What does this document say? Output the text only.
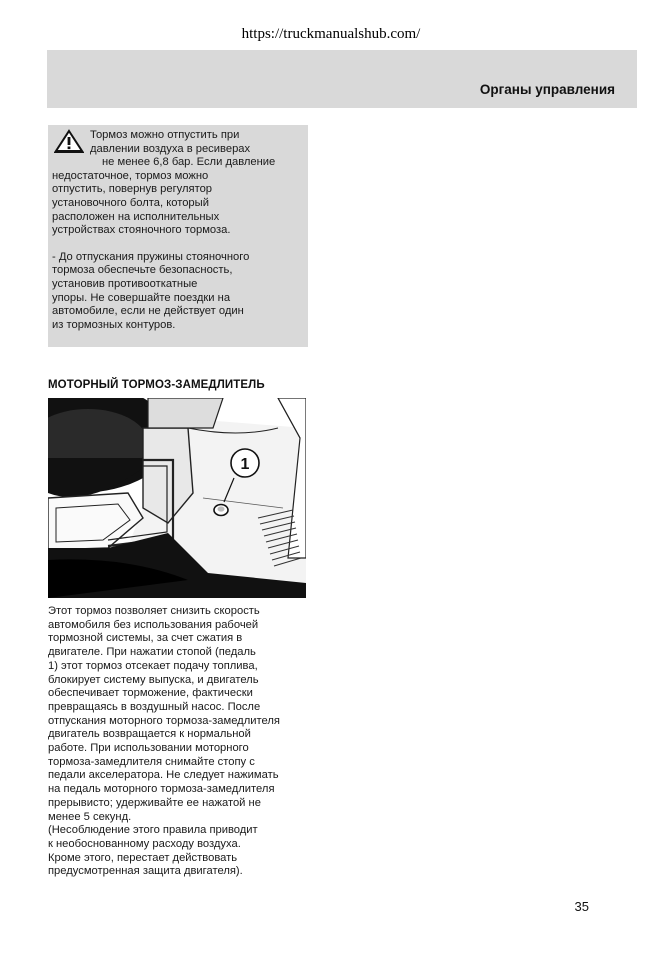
https://truckmanualshub.com/
Органы управления
Тормоз можно отпустить при
давлении воздуха в ресиверах
не менее 6,8 бар. Если давление
недостаточное, тормоз можно
отпустить, повернув регулятор
установочного болта, который
расположен на исполнительных
устройствах стояночного тормоза.
- До отпускания пружины стояночного
тормоза обеспечьте безопасность,
установив противооткатные
упоры. Не совершайте поездки на
автомобиле, если не действует один
из тормозных контуров.
МОТОРНЫЙ ТОРМОЗ-ЗАМЕДЛИТЕЛЬ
1
Этот тормоз позволяет снизить скорость
автомобиля без использования рабочей
тормозной системы, за счет сжатия в
двигателе. При нажатии стопой (педаль
1) этот тормоз отсекает подачу топлива,
блокирует систему выпуска, и двигатель
обеспечивает торможение, фактически
превращаясь в воздушный насос. После
отпускания моторного тормоза-замедлителя
двигатель возвращается к нормальной
работе. При использовании моторного
тормоза-замедлителя снимайте стопу с
педали акселератора. Не следует нажимать
на педаль моторного тормоза-замедлителя
прерывисто; удерживайте ее нажатой не
менее 5 секунд.
(Несоблюдение этого правила приводит
к необоснованному расходу воздуха.
Кроме этого, перестает действовать
предусмотренная защита двигателя).
35
